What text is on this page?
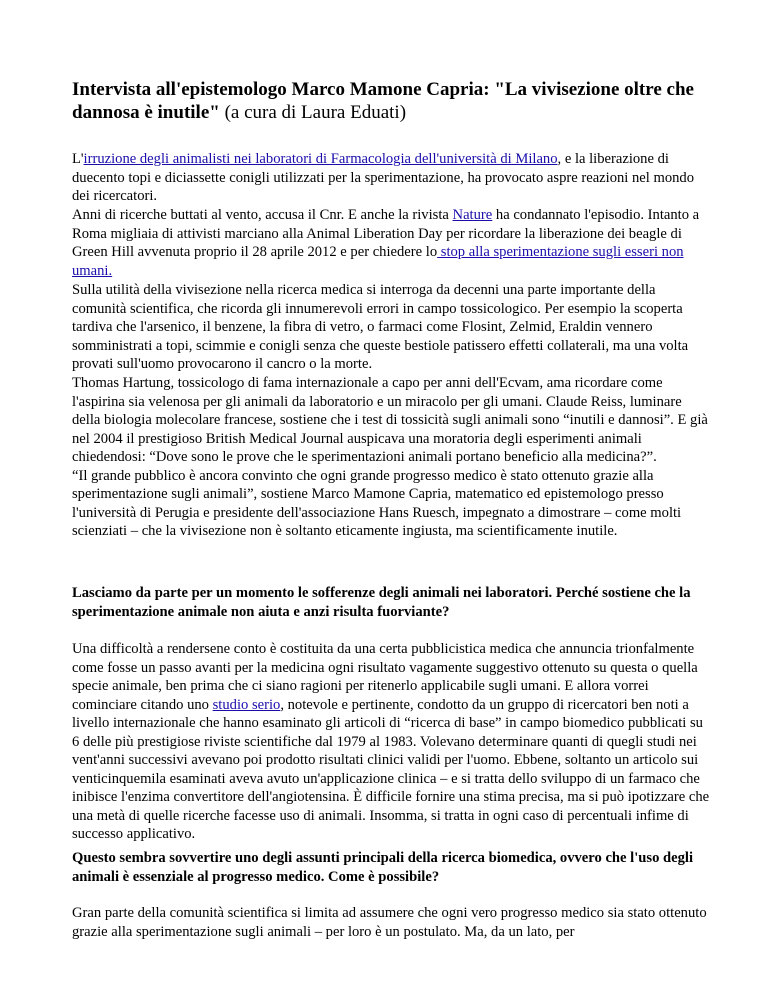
Intervista all'epistemologo Marco Mamone Capria: "La vivisezione oltre che dannosa è inutile" (a cura di Laura Eduati)

L'irruzione degli animalisti nei laboratori di Farmacologia dell'università di Milano, e la liberazione di duecento topi e diciassette conigli utilizzati per la sperimentazione, ha provocato aspre reazioni nel mondo dei ricercatori.

Anni di ricerche buttati al vento, accusa il Cnr. E anche la rivista Nature ha condannato l'episodio. Intanto a Roma migliaia di attivisti marciano alla Animal Liberation Day per ricordare la liberazione dei beagle di Green Hill avvenuta proprio il 28 aprile 2012 e per chiedere lo stop alla sperimentazione sugli esseri non umani.

Sulla utilità della vivisezione nella ricerca medica si interroga da decenni una parte importante della comunità scientifica, che ricorda gli innumerevoli errori in campo tossicologico. Per esempio la scoperta tardiva che l'arsenico, il benzene, la fibra di vetro, o farmaci come Flosint, Zelmid, Eraldin vennero somministrati a topi, scimmie e conigli senza che queste bestiole patissero effetti collaterali, ma una volta provati sull'uomo provocarono il cancro o la morte.

Thomas Hartung, tossicologo di fama internazionale a capo per anni dell'Ecvam, ama ricordare come l'aspirina sia velenosa per gli animali da laboratorio e un miracolo per gli umani. Claude Reiss, luminare della biologia molecolare francese, sostiene che i test di tossicità sugli animali sono “inutili e dannosi”. E già nel 2004 il prestigioso British Medical Journal auspicava una moratoria degli esperimenti animali chiedendosi: “Dove sono le prove che le sperimentazioni animali portano beneficio alla medicina?”.

“Il grande pubblico è ancora convinto che ogni grande progresso medico è stato ottenuto grazie alla sperimentazione sugli animali”, sostiene Marco Mamone Capria, matematico ed epistemologo presso l'università di Perugia e presidente dell'associazione Hans Ruesch, impegnato a dimostrare – come molti scienziati – che la vivisezione non è soltanto eticamente ingiusta, ma scientificamente inutile.

Lasciamo da parte per un momento le sofferenze degli animali nei laboratori. Perché sostiene che la sperimentazione animale non aiuta e anzi risulta fuorviante?

Una difficoltà a rendersene conto è costituita da una certa pubblicistica medica che annuncia trionfalmente come fosse un passo avanti per la medicina ogni risultato vagamente suggestivo ottenuto su questa o quella specie animale, ben prima che ci siano ragioni per ritenerlo applicabile sugli umani. E allora vorrei cominciare citando uno studio serio, notevole e pertinente, condotto da un gruppo di ricercatori ben noti a livello internazionale che hanno esaminato gli articoli di “ricerca di base” in campo biomedico pubblicati su 6 delle più prestigiose riviste scientifiche dal 1979 al 1983. Volevano determinare quanti di quegli studi nei vent'anni successivi avevano poi prodotto risultati clinici validi per l'uomo. Ebbene, soltanto un articolo sui venticinquemila esaminati aveva avuto un'applicazione clinica – e si tratta dello sviluppo di un farmaco che inibisce l'enzima convertitore dell'angiotensina. È difficile fornire una stima precisa, ma si può ipotizzare che una metà di quelle ricerche facesse uso di animali. Insomma, si tratta in ogni caso di percentuali infime di successo applicativo.

Questo sembra sovvertire uno degli assunti principali della ricerca biomedica, ovvero che l'uso degli animali è essenziale al progresso medico. Come è possibile?

Gran parte della comunità scientifica si limita ad assumere che ogni vero progresso medico sia stato ottenuto grazie alla sperimentazione sugli animali – per loro è un postulato. Ma, da un lato, per
